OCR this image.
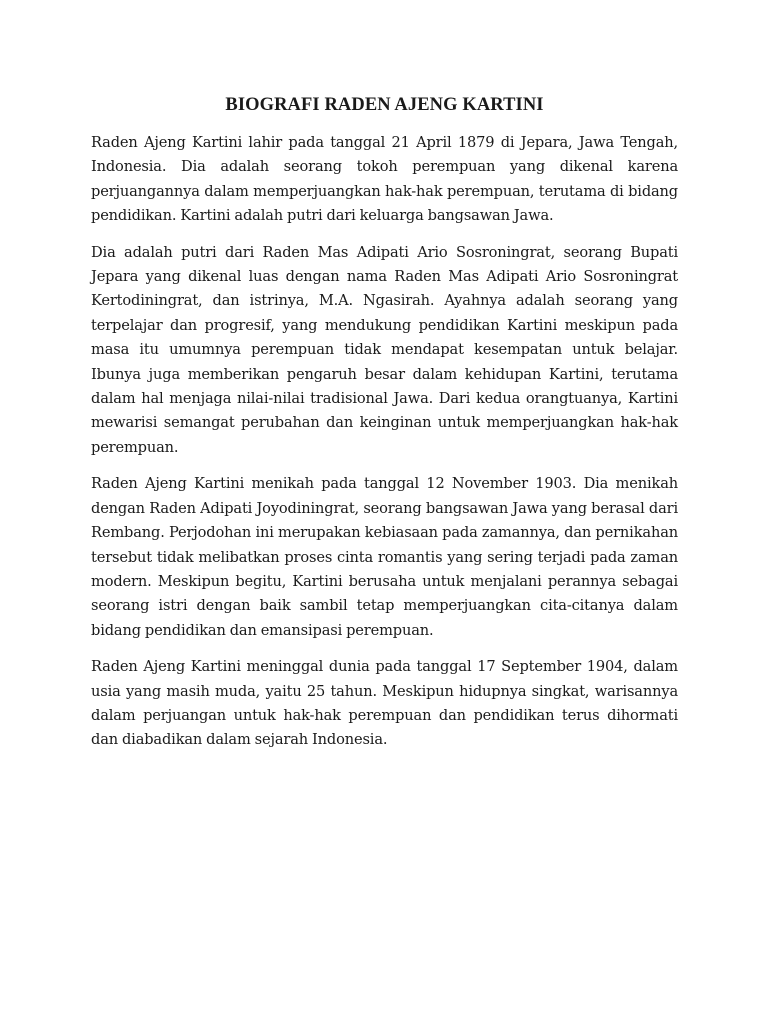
BIOGRAFI RADEN AJENG KARTINI

Raden Ajeng Kartini lahir pada tanggal 21 April 1879 di Jepara, Jawa Tengah, Indonesia. Dia adalah seorang tokoh perempuan yang dikenal karena perjuangannya dalam memperjuangkan hak-hak perempuan, terutama di bidang pendidikan. Kartini adalah putri dari keluarga bangsawan Jawa.

Dia adalah putri dari Raden Mas Adipati Ario Sosroningrat, seorang Bupati Jepara yang dikenal luas dengan nama Raden Mas Adipati Ario Sosroningrat Kertodiningrat, dan istrinya, M.A. Ngasirah. Ayahnya adalah seorang yang terpelajar dan progresif, yang mendukung pendidikan Kartini meskipun pada masa itu umumnya perempuan tidak mendapat kesempatan untuk belajar. Ibunya juga memberikan pengaruh besar dalam kehidupan Kartini, terutama dalam hal menjaga nilai-nilai tradisional Jawa. Dari kedua orangtuanya, Kartini mewarisi semangat perubahan dan keinginan untuk memperjuangkan hak-hak perempuan.

Raden Ajeng Kartini menikah pada tanggal 12 November 1903. Dia menikah dengan Raden Adipati Joyodiningrat, seorang bangsawan Jawa yang berasal dari Rembang. Perjodohan ini merupakan kebiasaan pada zamannya, dan pernikahan tersebut tidak melibatkan proses cinta romantis yang sering terjadi pada zaman modern. Meskipun begitu, Kartini berusaha untuk menjalani perannya sebagai seorang istri dengan baik sambil tetap memperjuangkan cita-citanya dalam bidang pendidikan dan emansipasi perempuan.

Raden Ajeng Kartini meninggal dunia pada tanggal 17 September 1904, dalam usia yang masih muda, yaitu 25 tahun. Meskipun hidupnya singkat, warisannya dalam perjuangan untuk hak-hak perempuan dan pendidikan terus dihormati dan diabadikan dalam sejarah Indonesia.
